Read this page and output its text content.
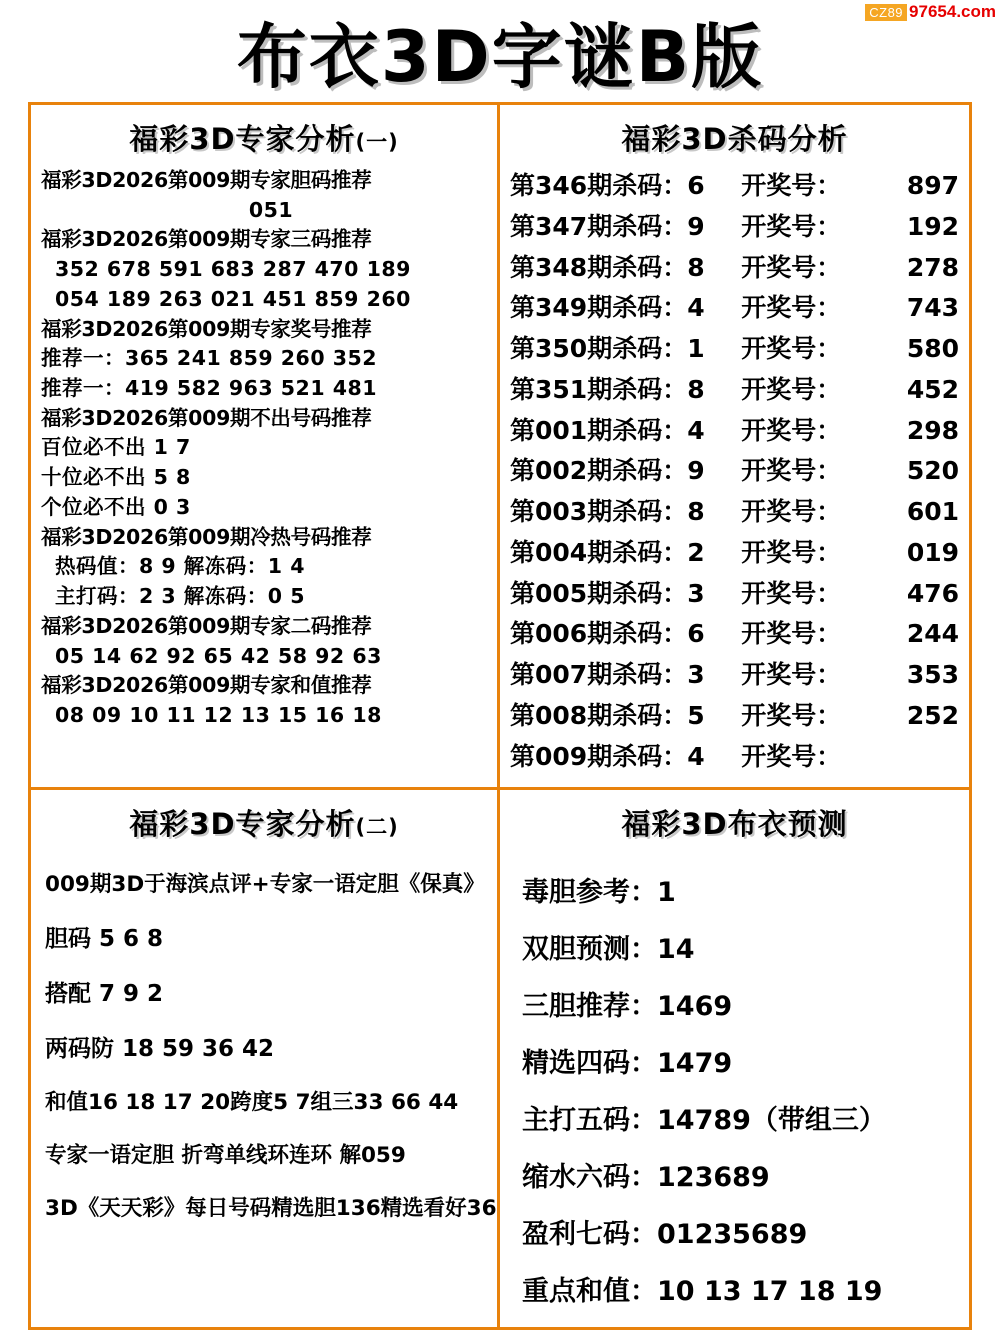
CZ89 97654.com
布衣3D字谜B版
福彩3D专家分析(一)
福彩3D2026第009期专家胆码推荐
051
福彩3D2026第009期专家三码推荐
352 678 591 683 287 470 189
054 189 263 021 451 859 260
福彩3D2026第009期专家奖号推荐
推荐一：365 241 859 260 352
推荐一：419 582 963 521 481
福彩3D2026第009期不出号码推荐
百位必不出 1 7
十位必不出 5 8
个位必不出 0 3
福彩3D2026第009期冷热号码推荐
热码值：8 9 解冻码：1 4
主打码：2 3 解冻码：0 5
福彩3D2026第009期专家二码推荐
05 14 62 92 65 42 58 92 63
福彩3D2026第009期专家和值推荐
08 09 10 11 12 13 15 16 18
福彩3D杀码分析
第 346 期杀码： 6	开奖号：	897
第 347 期杀码： 9	开奖号：	192
第 348 期杀码： 8	开奖号：	278
第 349 期杀码： 4	开奖号：	743
第 350 期杀码： 1	开奖号：	580
第 351 期杀码： 8	开奖号：	452
第 001 期杀码： 4	开奖号：	298
第 002 期杀码： 9	开奖号：	520
第 003 期杀码： 8	开奖号：	601
第 004 期杀码： 2	开奖号：	019
第 005 期杀码： 3	开奖号：	476
第 006 期杀码： 6	开奖号：	244
第 007 期杀码： 3	开奖号：	353
第 008 期杀码： 5	开奖号：	252
第 009 期杀码： 4	开奖号：
福彩3D专家分析(二)
009期3D于海滨点评+专家一语定胆《保真》
胆码 5 6 8
搭配 7 9 2
两码防 18 59 36 42
和值16 18 17 20跨度5 7组三33 66 44
专家一语定胆 折弯单线环连环 解059
3D《天天彩》每日号码精选胆136精选看好36
福彩3D布衣预测
毒胆参考：1
双胆预测：14
三胆推荐：1469
精选四码：1479
主打五码：14789（带组三）
缩水六码：123689
盈利七码：01235689
重点和值：10 13 17 18 19
